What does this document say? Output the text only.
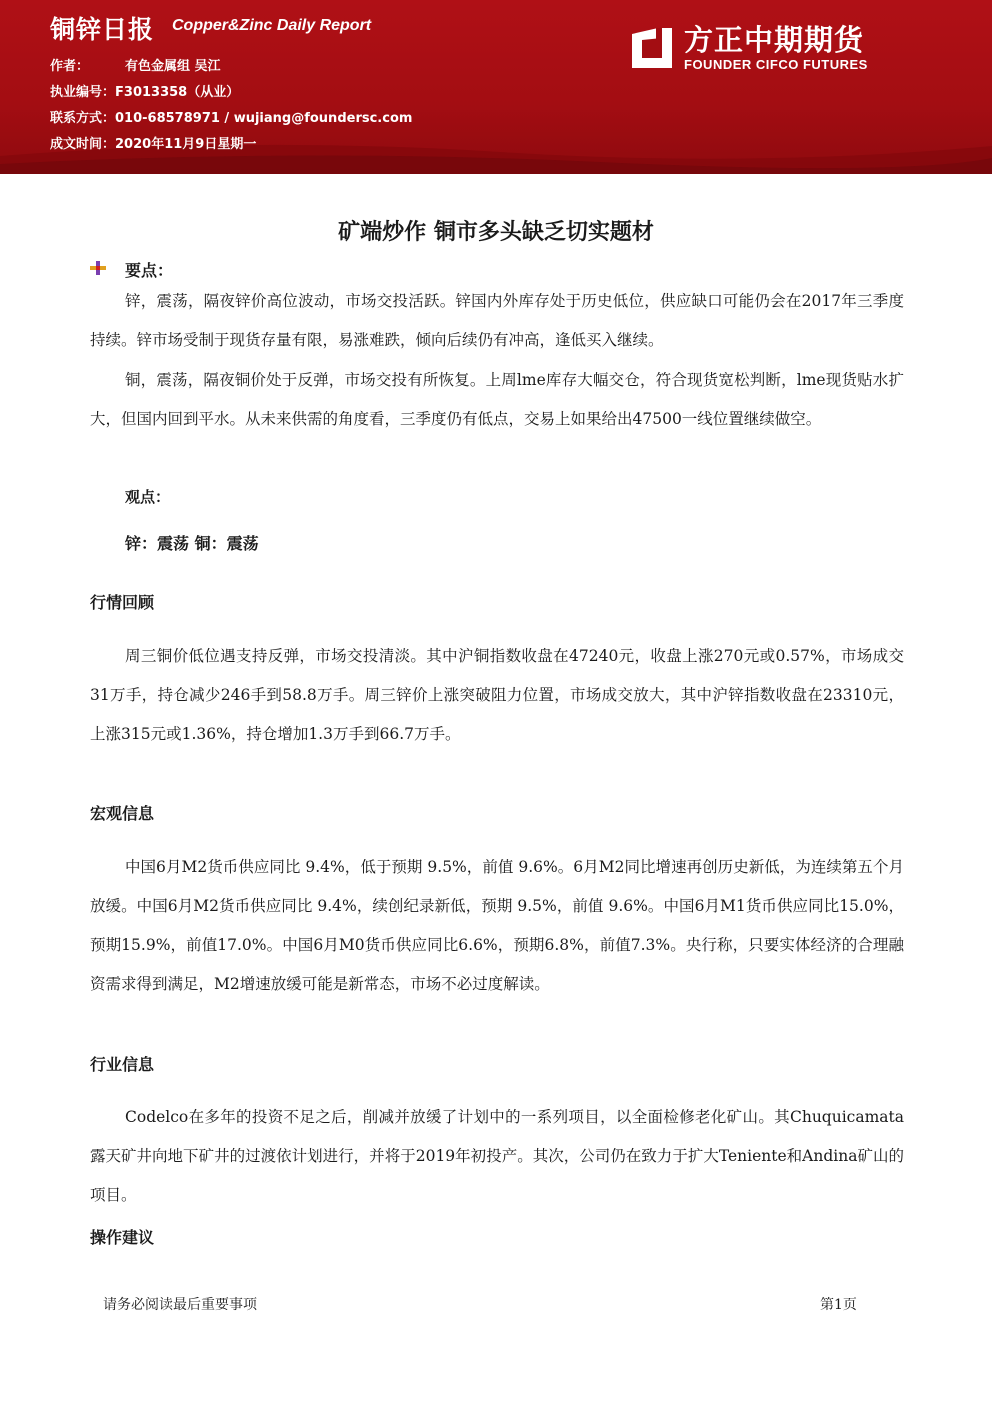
铜锌日报 Copper&Zinc Daily Report
作者：	有色金属组 吴江
执业编号：F3013358（从业）
联系方式：010-68578971 / wujiang@foundersc.com
成文时间：2020年11月9日星期一
方正中期期货
FOUNDER CIFCO FUTURES
矿端炒作 铜市多头缺乏切实题材
要点：

锌，震荡，隔夜锌价高位波动，市场交投活跃。锌国内外库存处于历史低位，供应缺口可能仍会在2017年三季度持续。锌市场受制于现货存量有限，易涨难跌，倾向后续仍有冲高，逢低买入继续。

铜，震荡，隔夜铜价处于反弹，市场交投有所恢复。上周lme库存大幅交仓，符合现货宽松判断，lme现货贴水扩大，但国内回到平水。从未来供需的角度看，三季度仍有低点，交易上如果给出47500一线位置继续做空。

观点：
锌：震荡 铜：震荡
行情回顾

周三铜价低位遇支持反弹，市场交投清淡。其中沪铜指数收盘在47240元，收盘上涨270元或0.57%，市场成交31万手，持仓减少246手到58.8万手。周三锌价上涨突破阻力位置，市场成交放大，其中沪锌指数收盘在23310元，上涨315元或1.36%，持仓增加1.3万手到66.7万手。

宏观信息

中国6月M2货币供应同比 9.4%，低于预期 9.5%，前值 9.6%。6月M2同比增速再创历史新低，为连续第五个月放缓。中国6月M2货币供应同比 9.4%，续创纪录新低，预期 9.5%，前值 9.6%。中国6月M1货币供应同比15.0%，预期15.9%，前值17.0%。中国6月M0货币供应同比6.6%，预期6.8%，前值7.3%。央行称，只要实体经济的合理融资需求得到满足，M2增速放缓可能是新常态，市场不必过度解读。

行业信息

Codelco在多年的投资不足之后，削减并放缓了计划中的一系列项目，以全面检修老化矿山。其Chuquicamata露天矿井向地下矿井的过渡依计划进行，并将于2019年初投产。其次，公司仍在致力于扩大Teniente和Andina矿山的项目。

操作建议
请务必阅读最后重要事项	第1页
